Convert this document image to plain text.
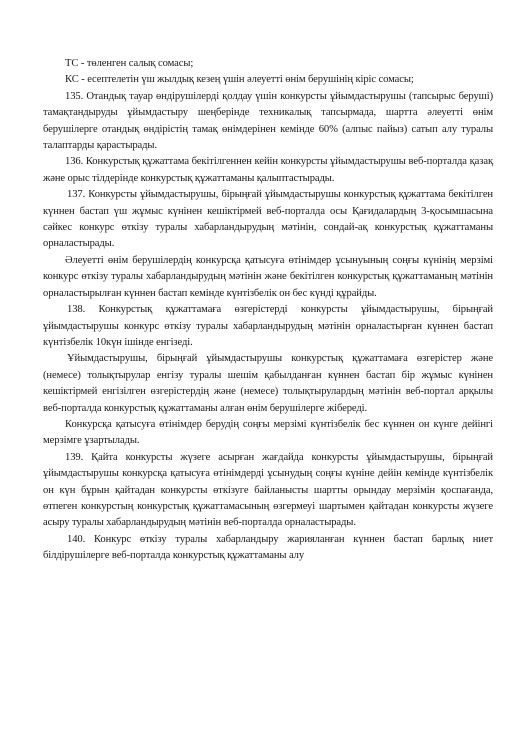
ТС - төленген салық сомасы;

КС - есептелетін үш жылдық кезең үшін әлеуетті өнім берушінің кіріс сомасы;

135. Отандық тауар өндірушілерді қолдау үшін конкурсты ұйымдастырушы (тапсырыс беруші) тамақтандыруды ұйымдастыру шеңберінде техникалық тапсырмада, шартта әлеуетті өнім берушілерге отандық өндірістің тамақ өнімдерінен кемінде 60% (алпыс пайыз) сатып алу туралы талаптарды қарастырады.

136. Конкурстық құжаттама бекітілгеннен кейін конкурсты ұйымдастырушы веб-порталда қазақ және орыс тілдерінде конкурстық құжаттаманы қалыптастырады.

137. Конкурсты ұйымдастырушы, бірыңғай ұйымдастырушы конкурстық құжаттама бекітілген күннен бастап үш жұмыс күнінен кешіктірмей веб-порталда осы Қағидалардың 3-қосымшасына сәйкес конкурс өткізу туралы хабарландырудың мәтінін, сондай-ақ конкурстық құжаттаманы орналастырады.

Әлеуетті өнім берушілердің конкурсқа қатысуға өтінімдер ұсынуының соңғы күнінің мерзімі конкурс өткізу туралы хабарландырудың мәтінін және бекітілген конкурстық құжаттаманың мәтінін орналастырылған күннен бастап кемінде күнтізбелік он бес күнді құрайды.

138. Конкурстық құжаттамаға өзгерістерді конкурсты ұйымдастырушы, бірыңғай ұйымдастырушы конкурс өткізу туралы хабарландырудың мәтінін орналастырған күннен бастап күнтізбелік 10күн ішінде енгізеді.

Ұйымдастырушы, бірыңғай ұйымдастырушы конкурстық құжаттамаға өзгерістер және (немесе) толықтырулар енгізу туралы шешім қабылданған күннен бастап бір жұмыс күнінен кешіктірмей енгізілген өзгерістердің және (немесе) толықтырулардың мәтінін веб-портал арқылы веб-порталда конкурстық құжаттаманы алған өнім берушілерге жібереді.

Конкурсқа қатысуға өтінімдер берудің соңғы мерзімі күнтізбелік бес күннен он күнге дейінгі мерзімге ұзартылады.

139. Қайта конкурсты жүзеге асырған жағдайда конкурсты ұйымдастырушы, бірыңғай ұйымдастырушы конкурсқа қатысуға өтінімдерді ұсынудың соңғы күніне дейін кемінде күнтізбелік он күн бұрын қайтадан конкурсты өткізуге байланысты шартты орындау мерзімін қоспағанда, өтпеген конкурстың конкурстық құжаттамасының өзгермеуі шартымен қайтадан конкурсты жүзеге асыру туралы хабарландырудың мәтінін веб-порталда орналастырады.

140. Конкурс өткізу туралы хабарландыру жарияланған күннен бастап барлық ниет білдірушілерге веб-порталда конкурстық құжаттаманы алу
